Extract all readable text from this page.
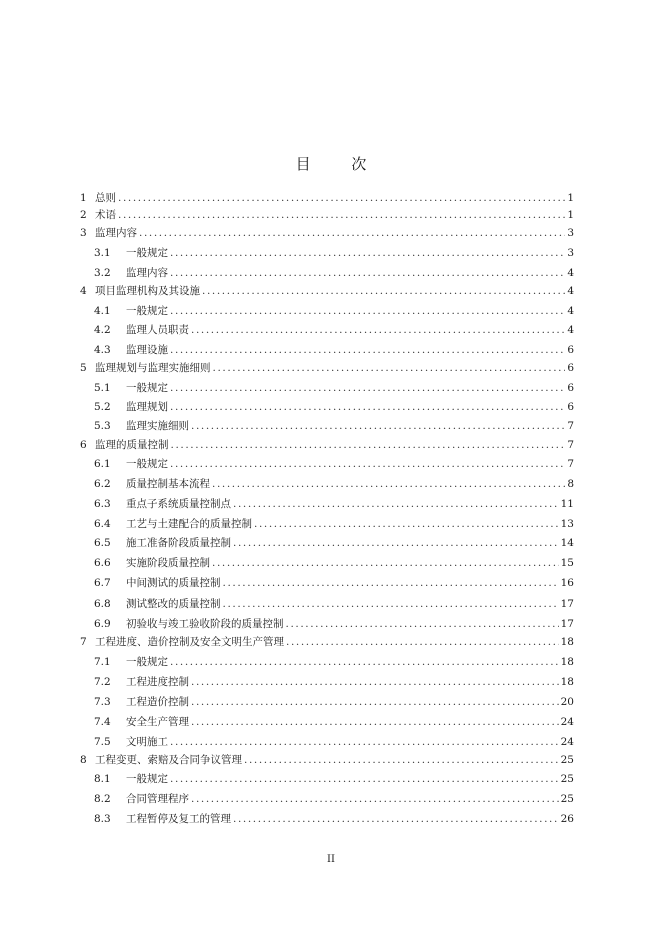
目 次
1 总则 .....	1
2 术语 .....	1
3 监理内容 .....	3
3.1	一般规定 .....	3
3.2	监理内容 .....	4
4 项目监理机构及其设施 .....	4
4.1	一般规定 .....	4
4.2	监理人员职责 .....	4
4.3	监理设施 .....	6
5 监理规划与监理实施细则 .....	6
5.1	一般规定 .....	6
5.2	监理规划 .....	6
5.3	监理实施细则 .....	7
6 监理的质量控制 .....	7
6.1	一般规定 .....	7
6.2	质量控制基本流程 .....	8
6.3	重点子系统质量控制点 .....	11
6.4	工艺与土建配合的质量控制 .....	13
6.5	施工准备阶段质量控制 .....	14
6.6	实施阶段质量控制 .....	15
6.7	中间测试的质量控制 .....	16
6.8	测试整改的质量控制 .....	17
6.9	初验收与竣工验收阶段的质量控制 .....	17
7 工程进度、造价控制及安全文明生产管理 .....	18
7.1	一般规定 .....	18
7.2	工程进度控制 .....	18
7.3	工程造价控制 .....	20
7.4	安全生产管理 .....	24
7.5	文明施工 .....	24
8 工程变更、索赔及合同争议管理 .....	25
8.1	一般规定 .....	25
8.2	合同管理程序 .....	25
8.3	工程暂停及复工的管理 .....	26
II
